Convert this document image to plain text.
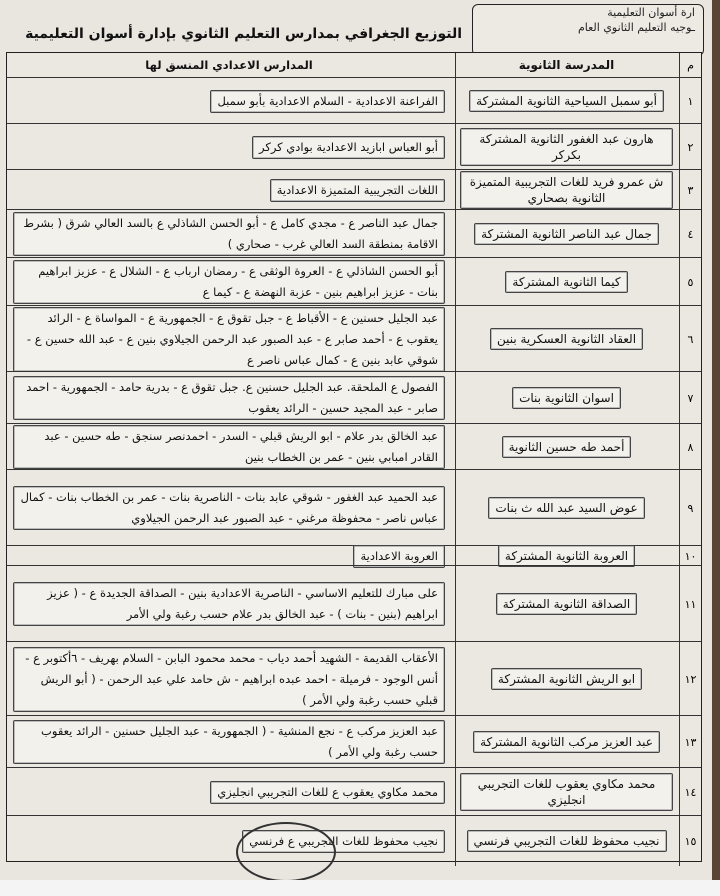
ارة أسوان التعليمية
ـوجيه التعليم الثانوي العام
التوزيع الجغرافي بمدارس التعليم الثانوي بإدارة أسوان التعليمية
م
المدرسة الثانوية
المدارس الاعدادي المنسق لها
١
أبو سمبل السياحية الثانوية المشتركة
الفراعنة الاعدادية - السلام الاعدادية بأبو سمبل
٢
هارون عبد الغفور الثانوية المشتركة بكركر
أبو العباس ابازيد الاعدادية بوادي كركر
٣
ش عمرو فريد للغات التجريبية المتميزة الثانوية بصحاري
اللغات التجريبية المتميزة الاعدادية
٤
جمال عبد الناصر الثانوية المشتركة
جمال عبد الناصر ع - مجدي كامل ع - أبو الحسن الشاذلي ع بالسد العالي شرق ( بشرط الاقامة بمنطقة السد العالي غرب - صحاري )
٥
كيما الثانوية المشتركة
أبو الحسن الشاذلي ع - العروة الوثقى ع - رمضان ارباب ع - الشلال ع - عزيز ابراهيم بنات - عزيز ابراهيم بنين - عزبة النهضة ع - كيما ع
٦
العقاد الثانوية العسكرية بنين
عبد الجليل حسنين ع - الأقباط ع - جبل تقوق ع - الجمهورية ع - المواساة ع - الرائد يعقوب ع - أحمد صابر ع - عبد الصبور عبد الرحمن الجيلاوي بنين ع - عبد الله حسين ع - شوقي عابد بنين ع - كمال عباس ناصر ع
٧
اسوان الثانوية بنات
الفصول ع الملحقة. عبد الجليل حسنين ع. جبل تقوق ع - بدرية حامد - الجمهورية - احمد صابر - عبد المجيد حسين - الرائد يعقوب
٨
أحمد طه حسين الثانوية
عبد الخالق بدر علام - ابو الريش قبلي - السدر - احمدنصر سنجق - طه حسين - عبد القادر امبابي بنين - عمر بن الخطاب بنين
٩
عوض السيد عبد الله ث بنات
عبد الحميد عبد الغفور - شوقي عابد بنات - الناصرية بنات - عمر بن الخطاب بنات - كمال عباس ناصر - محفوظة مرغني - عبد الصبور عبد الرحمن الجيلاوي
١٠
العروبة الثانوية المشتركة
العروبة الاعدادية
١١
الصداقة الثانوية المشتركة
على مبارك للتعليم الاساسي - الناصرية الاعدادية بنين - الصداقة الجديدة ع - ( عزيز ابراهيم (بنين - بنات ) - عبد الخالق بدر علام حسب رغبة ولي الأمر
١٢
ابو الريش الثانوية المشتركة
الأعقاب القديمة - الشهيد أحمد دياب - محمد محمود البابن - السلام بهريف - ٦أكتوبر ع - أنس الوجود - فرميلة - احمد عبده ابراهيم - ش حامد علي عبد الرحمن - ( أبو الريش قبلي حسب رغبة ولي الأمر )
١٣
عبد العزيز مركب الثانوية المشتركة
عبد العزيز مركب ع - نجع المنشية - ( الجمهورية - عبد الجليل حسنين - الرائد يعقوب حسب رغبة ولي الأمر )
١٤
محمد مكاوي يعقوب للغات التجريبي انجليزي
محمد مكاوي يعقوب ع للغات التجريبي انجليزي
١٥
نجيب محفوظ للغات التجريبي فرنسي
نجيب محفوظ للغات التجريبي ع فرنسي
